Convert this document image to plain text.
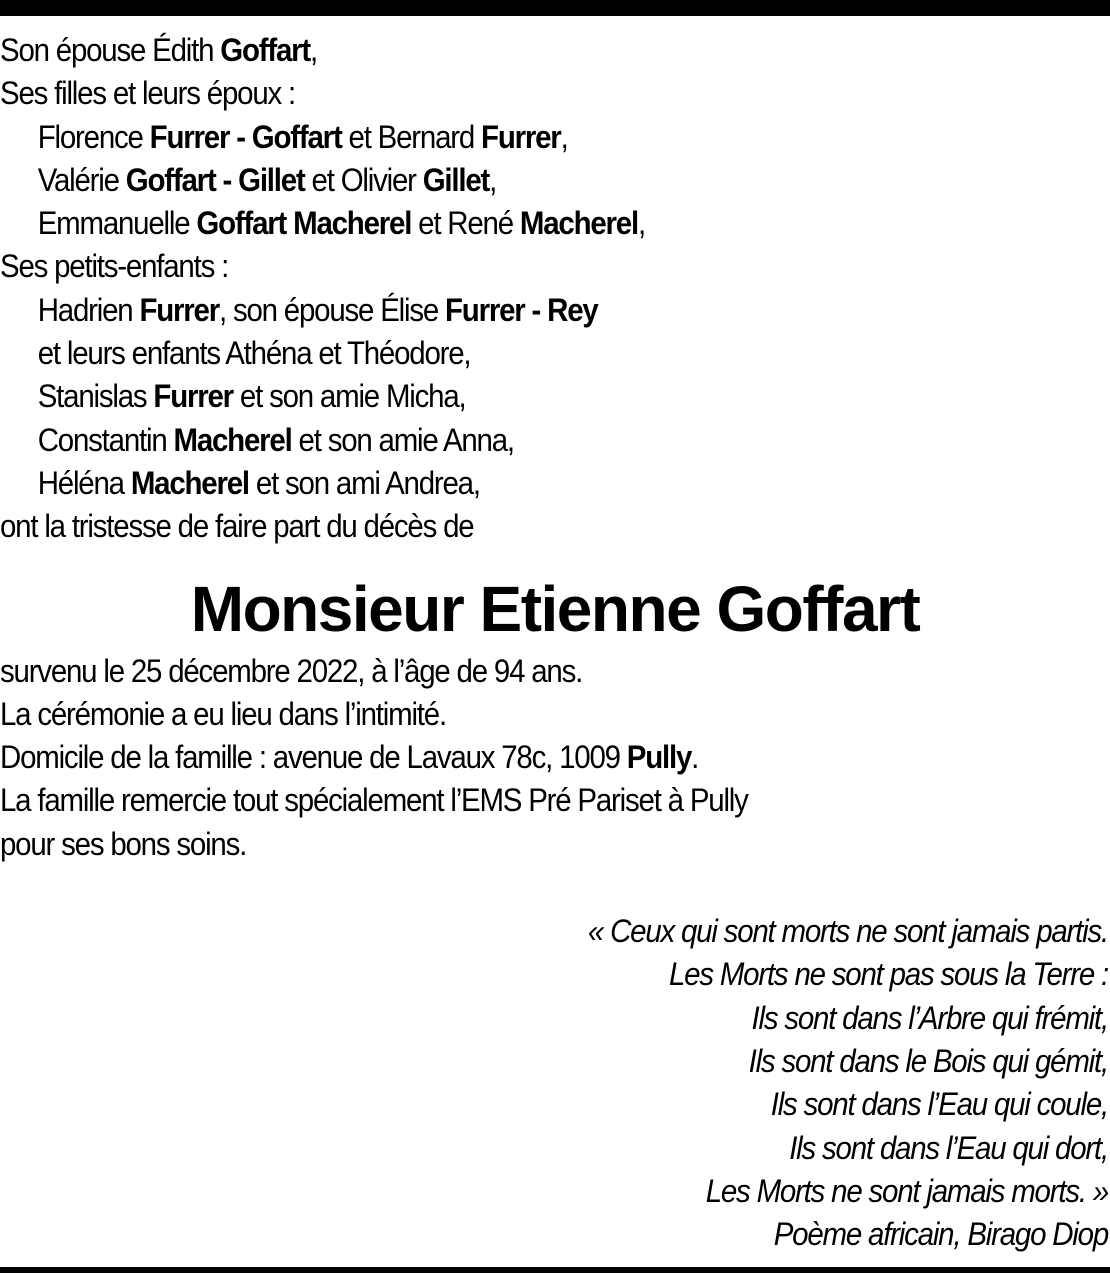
Son épouse Édith Goffart,
Ses filles et leurs époux :
Florence Furrer - Goffart et Bernard Furrer,
Valérie Goffart - Gillet et Olivier Gillet,
Emmanuelle Goffart Macherel et René Macherel,
Ses petits-enfants :
Hadrien Furrer, son épouse Élise Furrer - Rey
et leurs enfants Athéna et Théodore,
Stanislas Furrer et son amie Micha,
Constantin Macherel et son amie Anna,
Héléna Macherel et son ami Andrea,
ont la tristesse de faire part du décès de
Monsieur Etienne Goffart
survenu le 25 décembre 2022, à l’âge de 94 ans.
La cérémonie a eu lieu dans l’intimité.
Domicile de la famille : avenue de Lavaux 78c, 1009 Pully.
La famille remercie tout spécialement l’EMS Pré Pariset à Pully
pour ses bons soins.
« Ceux qui sont morts ne sont jamais partis.
Les Morts ne sont pas sous la Terre :
Ils sont dans l’Arbre qui frémit,
Ils sont dans le Bois qui gémit,
Ils sont dans l’Eau qui coule,
Ils sont dans l’Eau qui dort,
Les Morts ne sont jamais morts. »
Poème africain, Birago Diop
